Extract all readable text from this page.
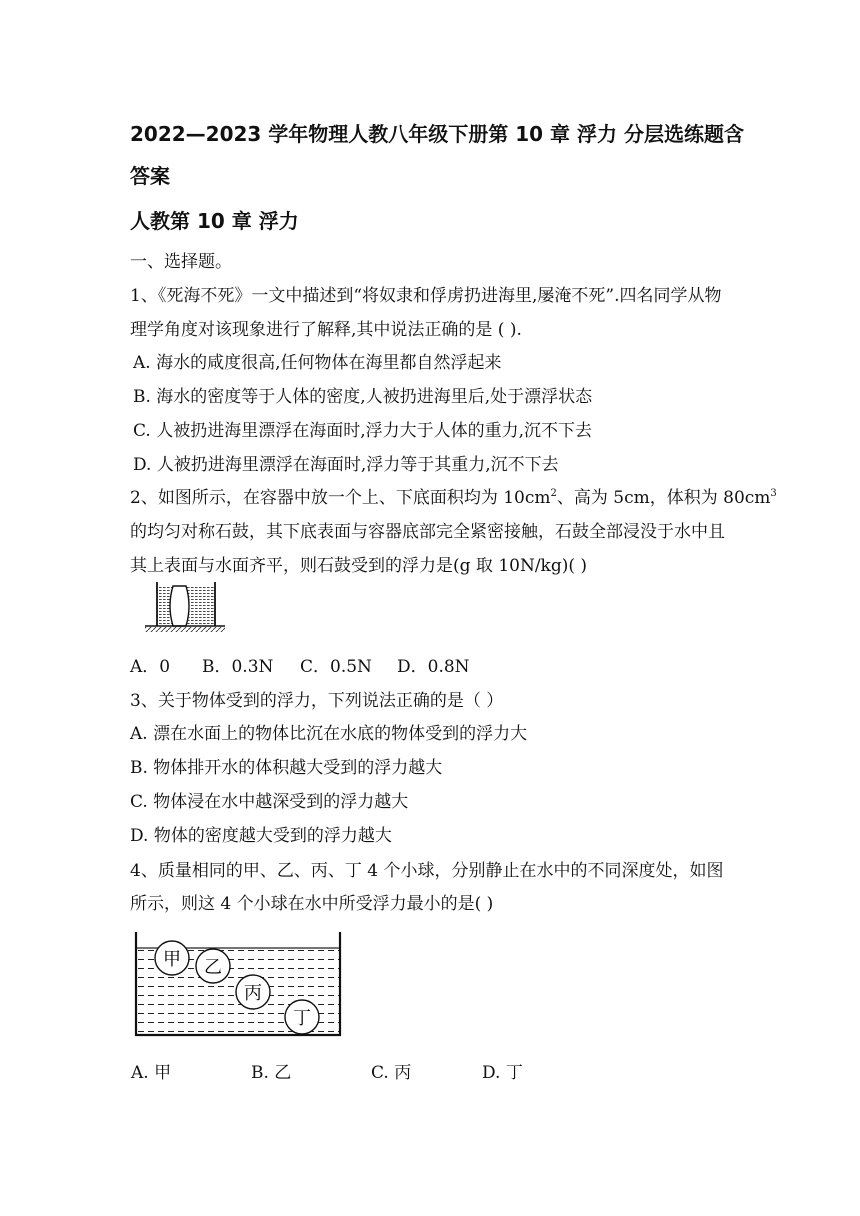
2022—2023 学年物理人教八年级下册第 10 章 浮力 分层选练题含
答案
人教第 10 章 浮力
一、选择题。
1、《死海不死》一文中描述到“将奴隶和俘虏扔进海里,屡淹不死”.四名同学从物
理学角度对该现象进行了解释,其中说法正确的是 ( ).
A. 海水的咸度很高,任何物体在海里都自然浮起来
B. 海水的密度等于人体的密度,人被扔进海里后,处于漂浮状态
C. 人被扔进海里漂浮在海面时,浮力大于人体的重力,沉不下去
D. 人被扔进海里漂浮在海面时,浮力等于其重力,沉不下去
2、如图所示，在容器中放一个上、下底面积均为 $10cm^2$、高为 5cm，体积为 $80cm^3$
的均匀对称石鼓，其下底表面与容器底部完全紧密接触，石鼓全部浸没于水中且
其上表面与水面齐平，则石鼓受到的浮力是(g 取 10N/kg)( )
A．0 B．0.3N C．0.5N D．0.8N
3、关于物体受到的浮力，下列说法正确的是（ ）
A. 漂在水面上的物体比沉在水底的物体受到的浮力大
B. 物体排开水的体积越大受到的浮力越大
C. 物体浸在水中越深受到的浮力越大
D. 物体的密度越大受到的浮力越大
4、质量相同的甲、乙、丙、丁 4 个小球，分别静止在水中的不同深度处，如图
所示，则这 4 个小球在水中所受浮力最小的是( )
甲 乙
丙
丁
A. 甲	B. 乙	C. 丙	D. 丁
